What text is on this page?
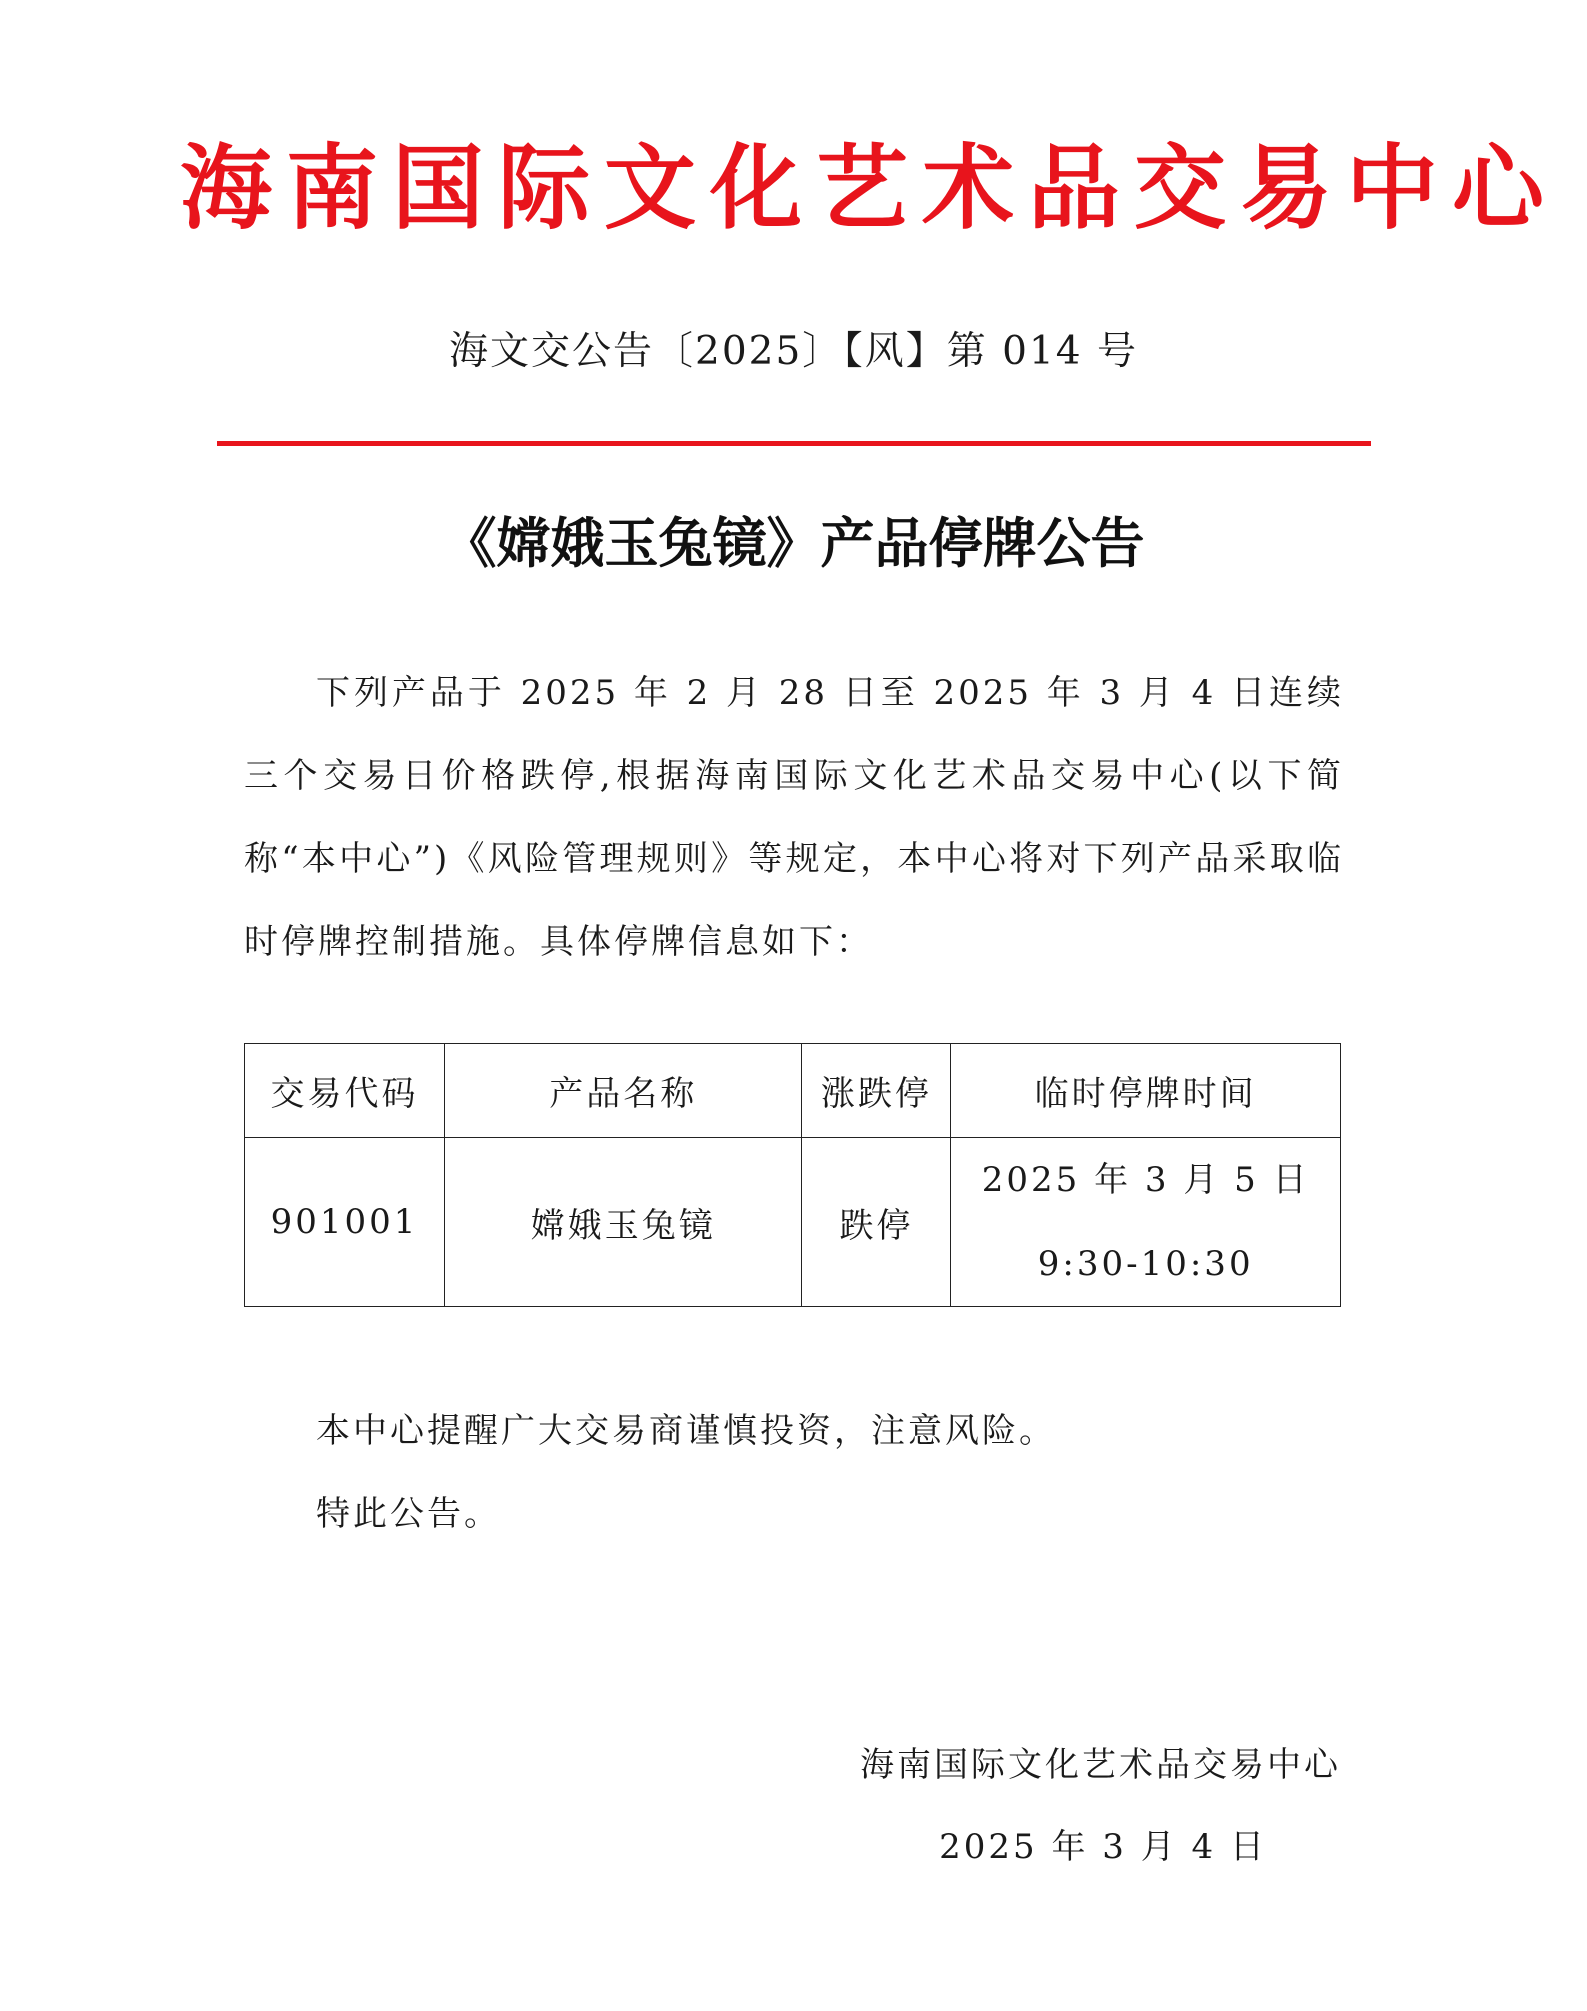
海南国际文化艺术品交易中心
海文交公告〔2025〕【风】第 014 号
《嫦娥玉兔镜》产品停牌公告

下列产品于 2025 年 2 月 28 日至 2025 年 3 月 4 日连续三个交易日价格跌停,根据海南国际文化艺术品交易中心(以下简称“本中心”)《风险管理规则》等规定，本中心将对下列产品采取临时停牌控制措施。具体停牌信息如下：

交易代码	产品名称	涨跌停	临时停牌时间
901001	嫦娥玉兔镜	跌停	2025 年 3 月 5 日
9:30-10:30
本中心提醒广大交易商谨慎投资，注意风险。
特此公告。
海南国际文化艺术品交易中心
2025 年 3 月 4 日
